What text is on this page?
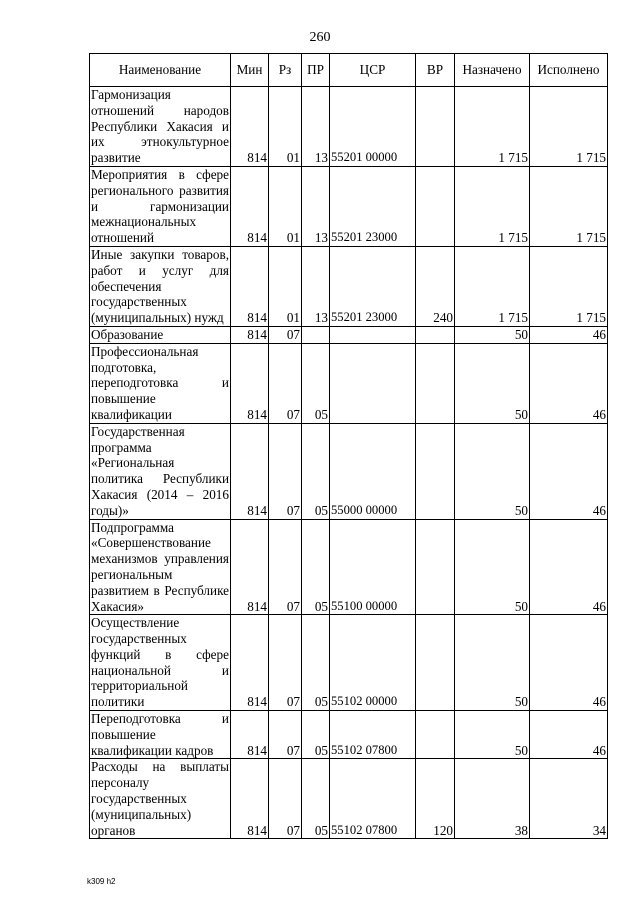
260
Наименование	Мин	Рз	ПР	ЦСР	ВР	Назначено	Исполнено
Гармонизация отношений народов Республики Хакасия и их этнокультурное развитие	814	01	13	55201 00000		1 715	1 715
Мероприятия в сфере регионального развития и гармонизации межнациональных отношений	814	01	13	55201 23000		1 715	1 715
Иные закупки товаров, работ и услуг для обеспечения государственных (муниципальных) нужд	814	01	13	55201 23000	240	1 715	1 715
Образование	814	07				50	46
Профессиональная подготовка, переподготовка и повышение квалификации	814	07	05			50	46
Государственная программа «Региональная политика Республики Хакасия (2014 – 2016 годы)»	814	07	05	55000 00000		50	46
Подпрограмма «Совершенствование механизмов управления региональным развитием в Республике Хакасия»	814	07	05	55100 00000		50	46
Осуществление государственных функций в сфере национальной и территориальной политики	814	07	05	55102 00000		50	46
Переподготовка и повышение квалификации кадров	814	07	05	55102 07800		50	46
Расходы на выплаты персоналу государственных (муниципальных) органов	814	07	05	55102 07800	120	38	34
k309 h2
